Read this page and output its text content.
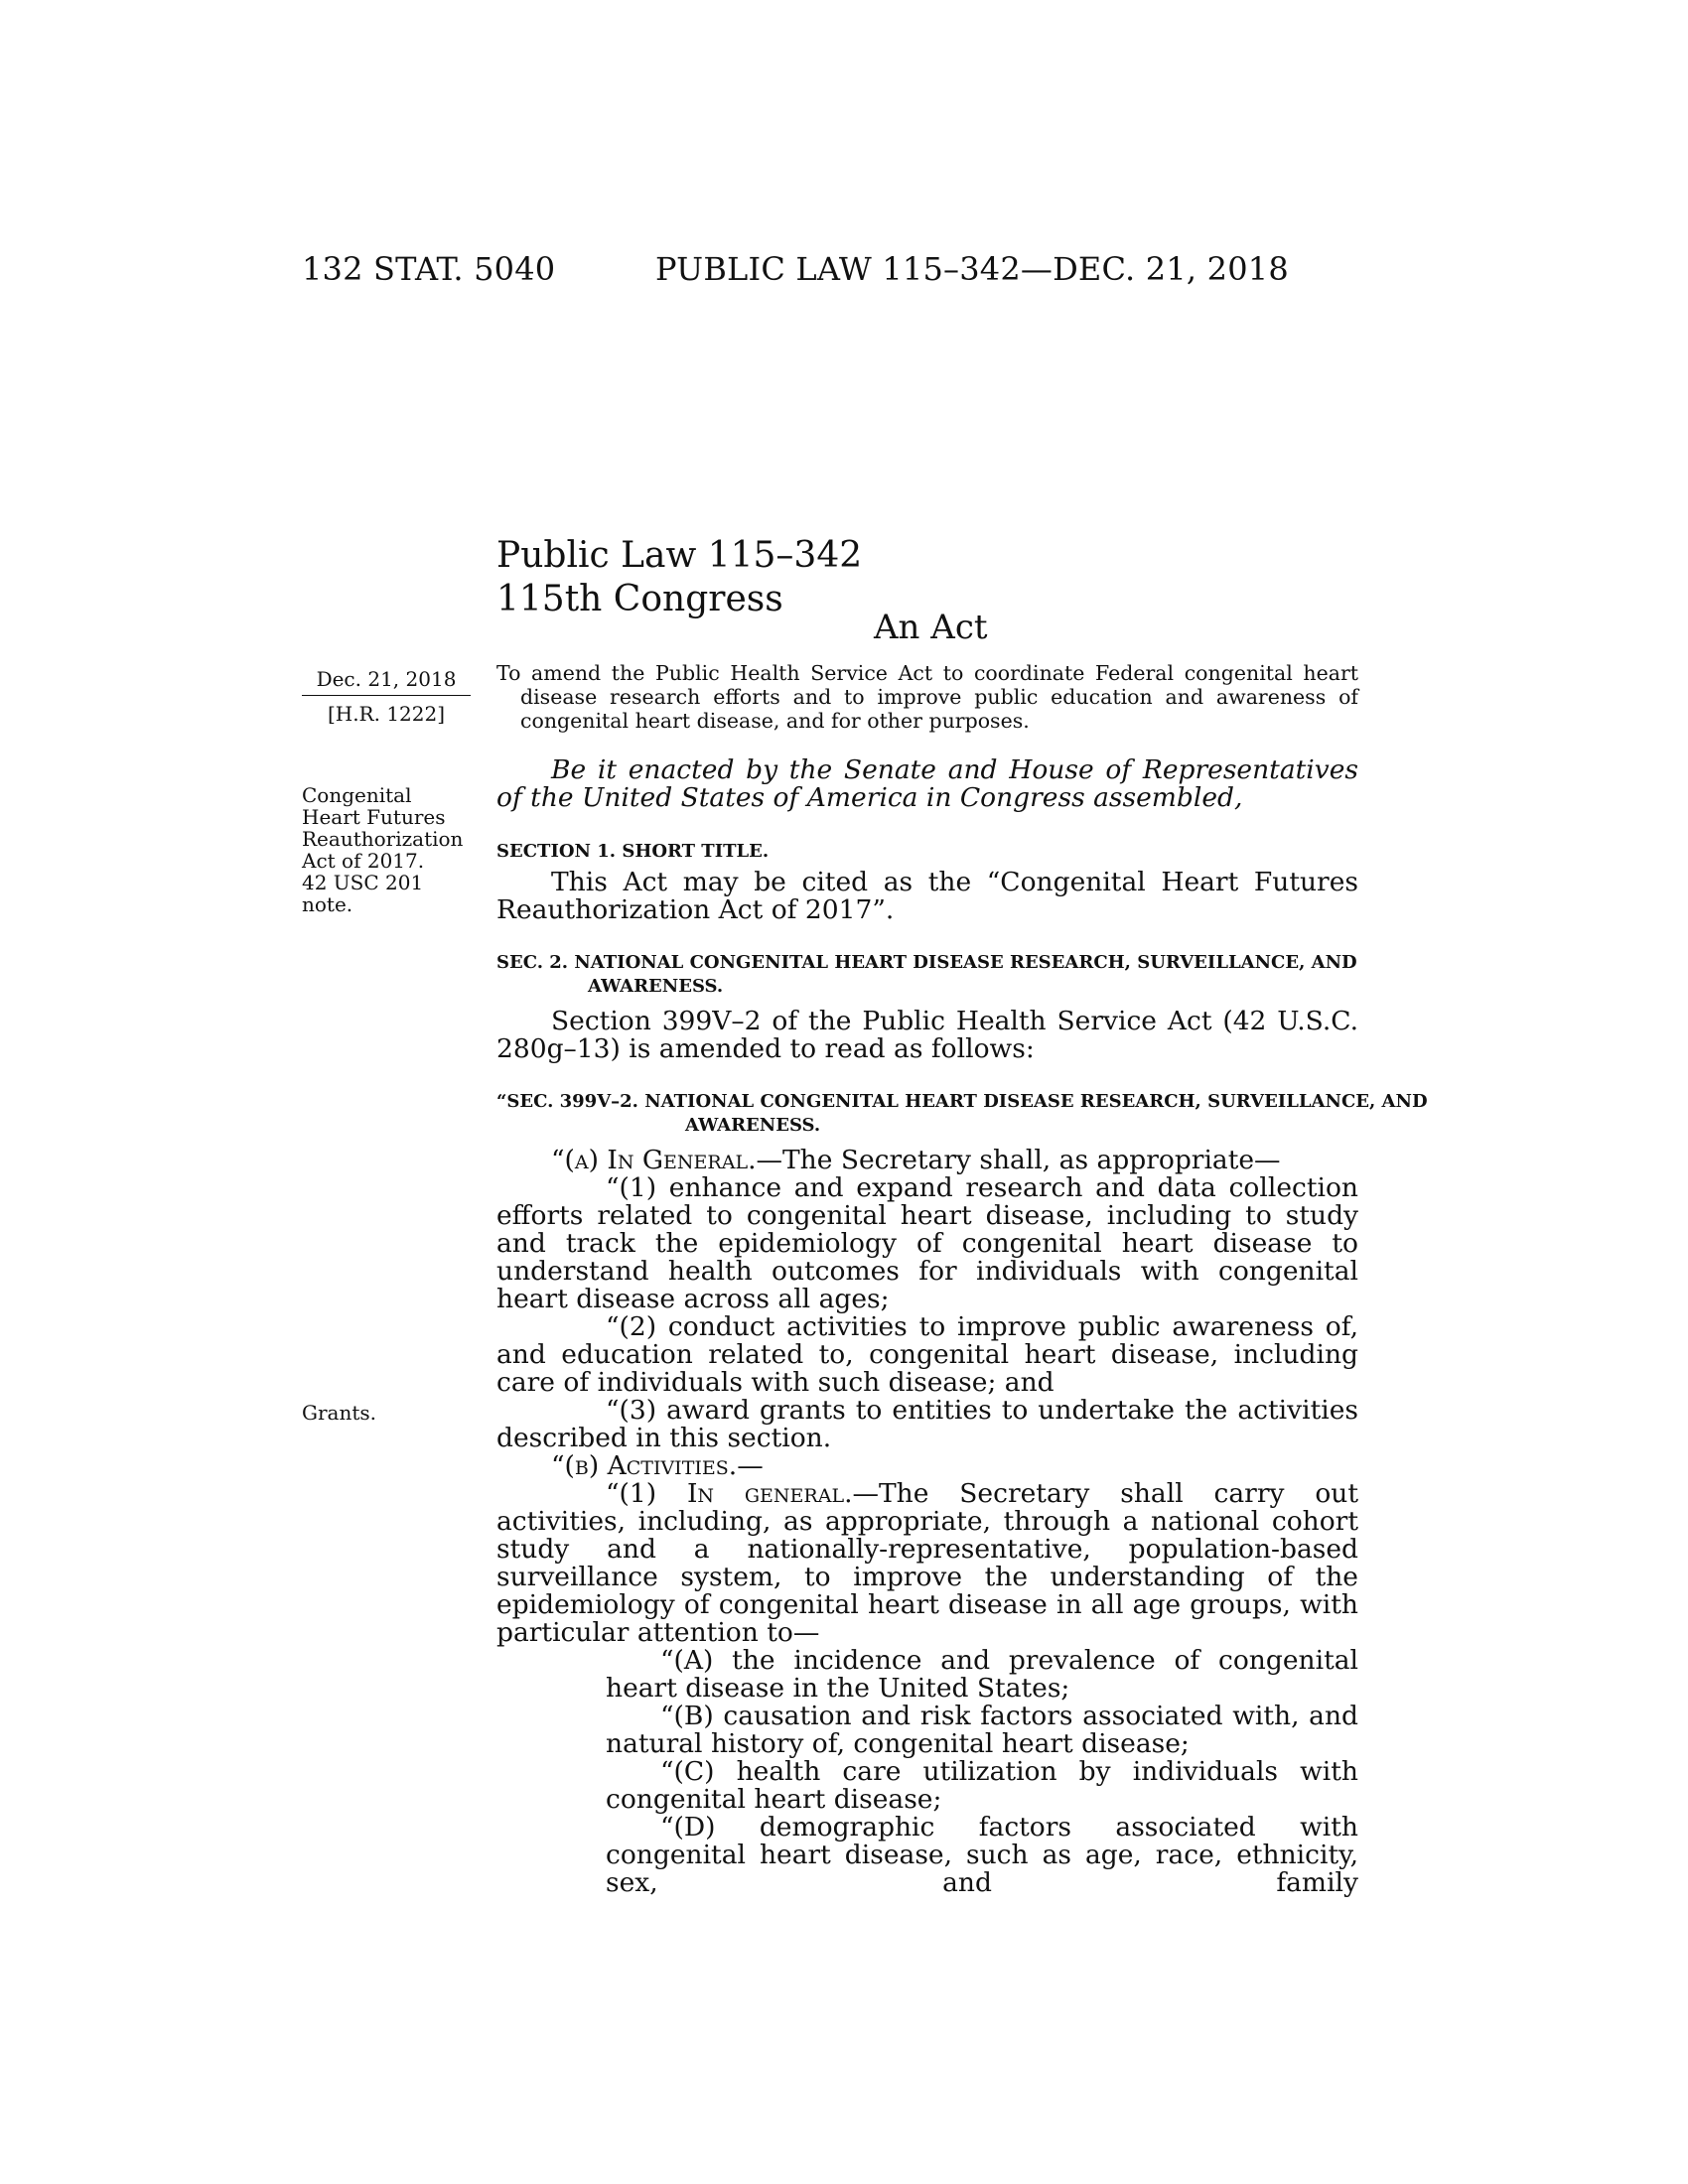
132 STAT. 5040	PUBLIC LAW 115–342—DEC. 21, 2018
Public Law 115–342
115th Congress
An Act
Dec. 21, 2018
[H.R. 1222]
To amend the Public Health Service Act to coordinate Federal congenital heart disease research efforts and to improve public education and awareness of congenital heart disease, and for other purposes.
Congenital Heart Futures Reauthorization Act of 2017.
42 USC 201 note.
Grants.
Be it enacted by the Senate and House of Representatives of the United States of America in Congress assembled,
SECTION 1. SHORT TITLE.
This Act may be cited as the “Congenital Heart Futures Reauthorization Act of 2017”.
SEC. 2. NATIONAL CONGENITAL HEART DISEASE RESEARCH, SURVEILLANCE, AND AWARENESS.
Section 399V–2 of the Public Health Service Act (42 U.S.C. 280g–13) is amended to read as follows:
“SEC. 399V–2. NATIONAL CONGENITAL HEART DISEASE RESEARCH, SURVEILLANCE, AND AWARENESS.
“(a) In General.—The Secretary shall, as appropriate—
“(1) enhance and expand research and data collection efforts related to congenital heart disease, including to study and track the epidemiology of congenital heart disease to understand health outcomes for individuals with congenital heart disease across all ages;
“(2) conduct activities to improve public awareness of, and education related to, congenital heart disease, including care of individuals with such disease; and
“(3) award grants to entities to undertake the activities described in this section.
“(b) Activities.—
“(1) In general.—The Secretary shall carry out activities, including, as appropriate, through a national cohort study and a nationally-representative, population-based surveillance system, to improve the understanding of the epidemiology of congenital heart disease in all age groups, with particular attention to—
“(A) the incidence and prevalence of congenital heart disease in the United States;
“(B) causation and risk factors associated with, and natural history of, congenital heart disease;
“(C) health care utilization by individuals with congenital heart disease;
“(D) demographic factors associated with congenital heart disease, such as age, race, ethnicity, sex, and family
